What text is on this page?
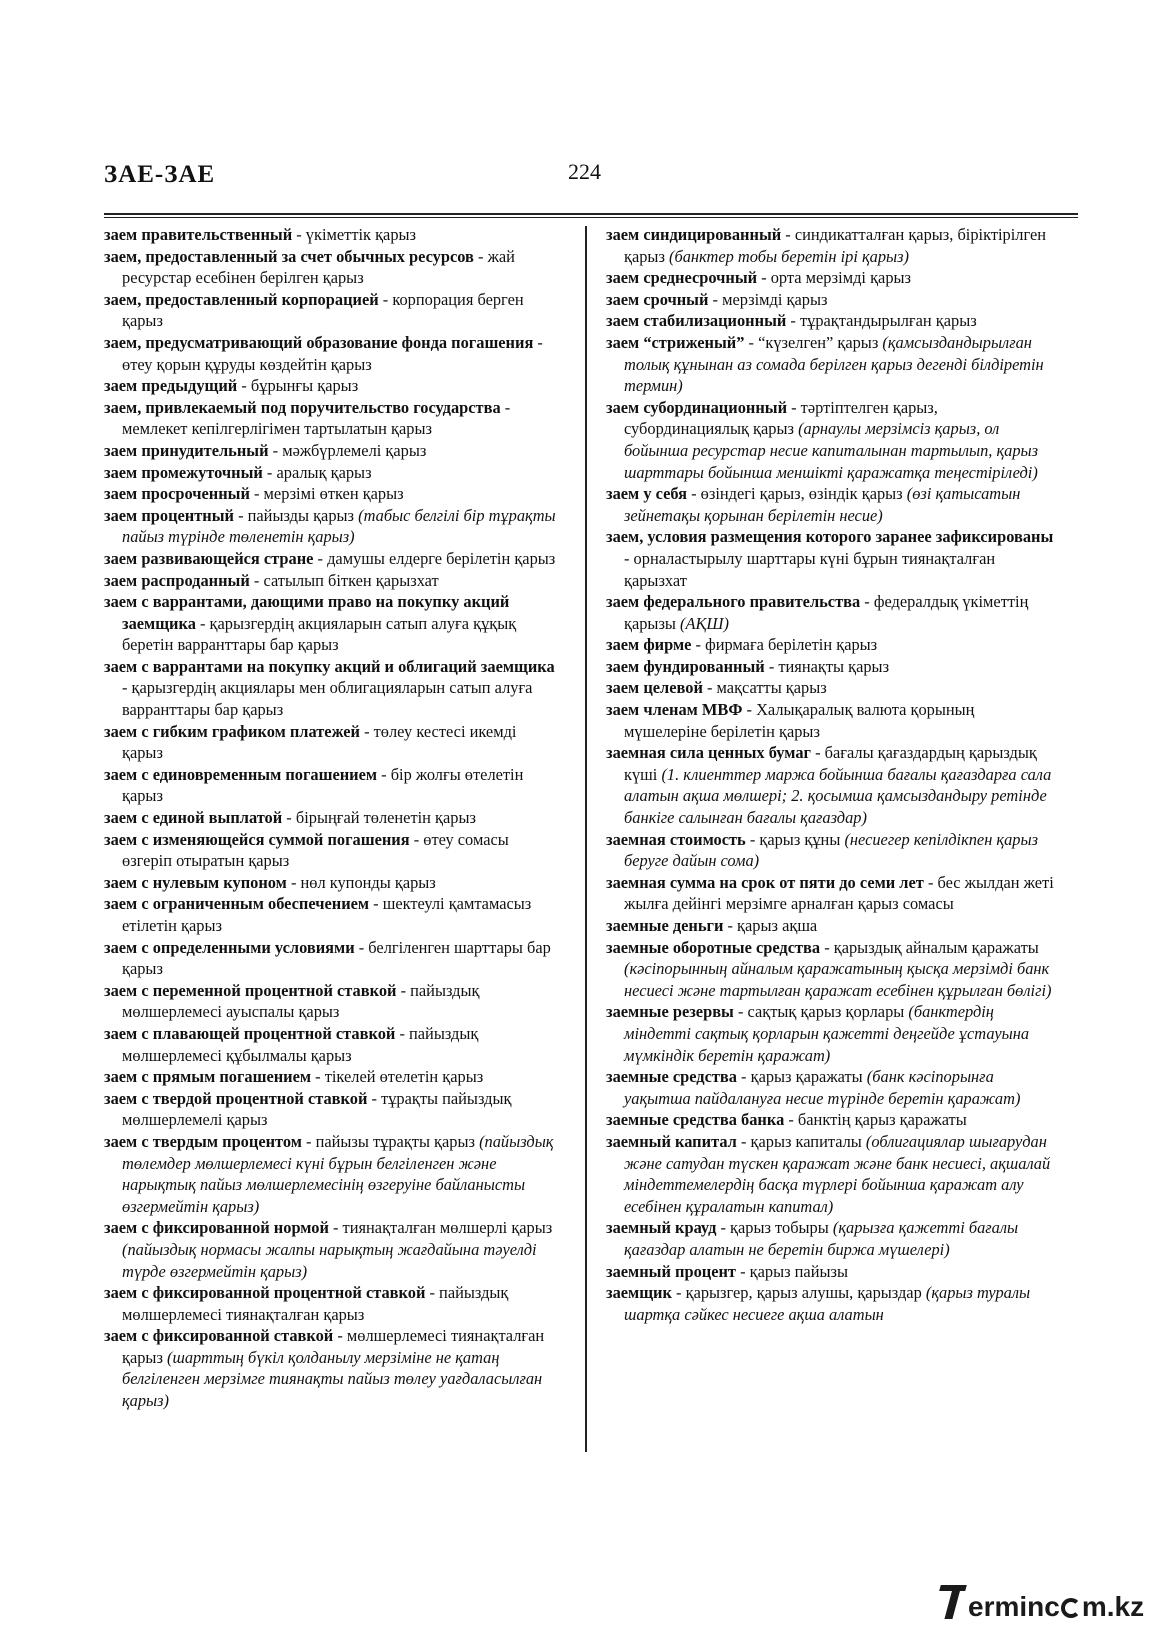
ЗАЕ-ЗАЕ	224

заем правительственный - үкіметтік қарыз

заем, предоставленный за счет обычных ресурсов - жай ресурстар есебінен берілген қарыз

заем, предоставленный корпорацией - корпорация берген қарыз

заем, предусматривающий образование фонда погашения - өтеу қорын құруды көздейтін қарыз

заем предыдущий - бұрынғы қарыз

заем, привлекаемый под поручительство государства - мемлекет кепілгерлігімен тартылатын қарыз

заем принудительный - мәжбүрлемелі қарыз

заем промежуточный - аралық қарыз

заем просроченный - мерзімі өткен қарыз

заем процентный - пайызды қарыз (табыс белгілі бір тұрақты пайыз түрінде төленетін қарыз)

заем развивающейся стране - дамушы елдерге берілетін қарыз

заем распроданный - сатылып біткен қарызхат

заем с варрантами, дающими право на покупку акций заемщика - қарызгердің акцияларын сатып алуға құқық беретін варранттары бар қарыз

заем с варрантами на покупку акций и облигаций заемщика - қарызгердің акциялары мен облигацияларын сатып алуға варранттары бар қарыз

заем с гибким графиком платежей - төлеу кестесі икемді қарыз

заем с единовременным погашением - бір жолғы өтелетін қарыз

заем с единой выплатой - бірыңғай төленетін қарыз

заем с изменяющейся суммой погашения - өтеу сомасы өзгеріп отыратын қарыз

заем с нулевым купоном - нөл купонды қарыз

заем с ограниченным обеспечением - шектеулі қамтамасыз етілетін қарыз

заем с определенными условиями - белгіленген шарттары бар қарыз

заем с переменной процентной ставкой - пайыздық мөлшерлемесі ауыспалы қарыз

заем с плавающей процентной ставкой - пайыздық мөлшерлемесі құбылмалы қарыз

заем с прямым погашением - тікелей өтелетін қарыз

заем с твердой процентной ставкой - тұрақты пайыздық мөлшерлемелі қарыз

заем с твердым процентом - пайызы тұрақты қарыз (пайыздық төлемдер мөлшерлемесі күні бұрын белгіленген және нарықтық пайыз мөлшерлемесінің өзгеруіне байланысты өзгермейтін қарыз)

заем с фиксированной нормой - тиянақталған мөлшерлі қарыз (пайыздық нормасы жалпы нарықтың жағдайына тәуелді түрде өзгермейтін қарыз)

заем с фиксированной процентной ставкой - пайыздық мөлшерлемесі тиянақталған қарыз

заем с фиксированной ставкой - мөлшерлемесі тиянақталған қарыз (шарттың бүкіл қолданылу мерзіміне не қатаң белгіленген мерзімге тиянақты пайыз төлеу уағдаласылған қарыз)

заем синдицированный - синдикатталған қарыз, біріктірілген қарыз (банктер тобы беретін ірі қарыз)

заем среднесрочный - орта мерзімді қарыз

заем срочный - мерзімді қарыз

заем стабилизационный - тұрақтандырылған қарыз

заем “стриженый” - “күзелген” қарыз (қамсыздандырылған толық құнынан аз сомада берілген қарыз дегенді білдіретін термин)

заем субординационный - тәртіптелген қарыз, субординациялық қарыз (арнаулы мерзімсіз қарыз, ол бойынша ресурстар несие капиталынан тартылып, қарыз шарттары бойынша меншікті қаражатқа теңестіріледі)

заем у себя - өзіндегі қарыз, өзіндік қарыз (өзі қатысатын зейнетақы қорынан берілетін несие)

заем, условия размещения которого заранее зафиксированы - орналастырылу шарттары күні бұрын тиянақталған қарызхат

заем федерального правительства - федералдық үкіметтің қарызы (АҚШ)

заем фирме - фирмаға берілетін қарыз

заем фундированный - тиянақты қарыз

заем целевой - мақсатты қарыз

заем членам МВФ - Халықаралық валюта қорының мүшелеріне берілетін қарыз

заемная сила ценных бумаг - бағалы қағаздардың қарыздық күші (1. клиенттер маржа бойынша бағалы қағаздарға сала алатын ақша мөлшері; 2. қосымша қамсыздандыру ретінде банкіге салынған бағалы қағаздар)

заемная стоимость - қарыз құны (несиегер кепілдікпен қарыз беруге дайын сома)

заемная сумма на срок от пяти до семи лет - бес жылдан жеті жылға дейінгі мерзімге арналған қарыз сомасы

заемные деньги - қарыз ақша

заемные оборотные средства - қарыздық айналым қаражаты (кәсіпорынның айналым қаражатының қысқа мерзімді банк несиесі және тартылған қаражат есебінен құрылған бөлігі)

заемные резервы - сақтық қарыз қорлары (банктердің міндетті сақтық қорларын қажетті деңгейде ұстауына мүмкіндік беретін қаражат)

заемные средства - қарыз қаражаты (банк кәсіпорынға уақытша пайдалануға несие түрінде беретін қаражат)

заемные средства банка - банктің қарыз қаражаты

заемный капитал - қарыз капиталы (облигациялар шығарудан және сатудан түскен қаражат және банк несиесі, ақшалай міндеттемелердің басқа түрлері бойынша қаражат алу есебінен құралатын капитал)

заемный крауд - қарыз тобыры (қарызға қажетті бағалы қағаздар алатын не беретін биржа мүшелері)

заемный процент - қарыз пайызы

заемщик - қарызгер, қарыз алушы, қарыздар (қарыз туралы шартқа сәйкес несиеге ақша алатын

erminc m.kz
